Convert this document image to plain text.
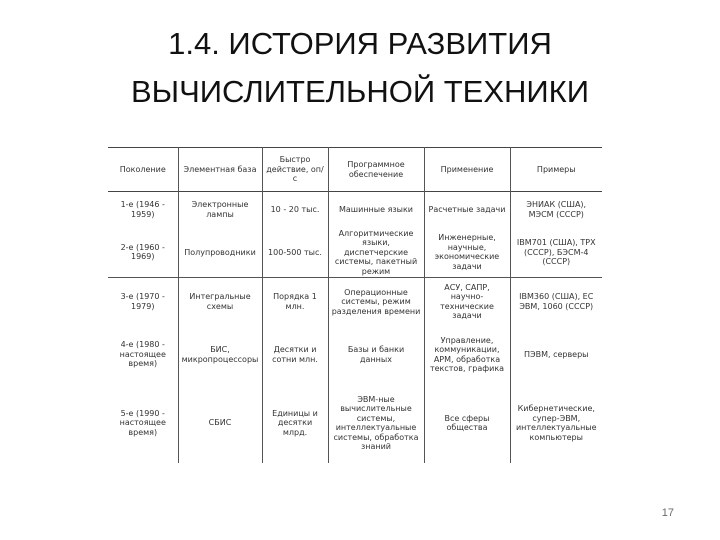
1.4. ИСТОРИЯ РАЗВИТИЯ
ВЫЧИСЛИТЕЛЬНОЙ ТЕХНИКИ
Поколение	Элементная база	Быстро действие, оп/с	Программное обеспечение	Применение	Примеры
1-е (1946 - 1959)	Электронные лампы	10 - 20 тыс.	Машинные языки	Расчетные задачи	ЭНИАК (США), МЭСМ (СССР)
2-е (1960 - 1969)	Полупроводники	100-500 тыс.	Алгоритмические языки, диспетчерские системы, пакетный режим	Инженерные, научные, экономические задачи	IBM701 (США), TPX (СССР), БЭСМ-4 (СССР)
3-е (1970 - 1979)	Интегральные схемы	Порядка 1 млн.	Операционные системы, режим разделения времени	АСУ, САПР, научно-технические задачи	IBM360 (США), ЕС ЭВМ, 1060 (СССР)
4-е (1980 - настоящее время)	БИС, микропроцессоры	Десятки и сотни млн.	Базы и банки данных	Управление, коммуникации, АРМ, обработка текстов, графика	ПЭВМ, серверы
5-е (1990 - настоящее время)	СБИС	Единицы и десятки млрд.	ЭВМ-ные вычислительные системы, интеллектуальные системы, обработка знаний	Все сферы общества	Кибернетические, супер-ЭВМ, интеллектуальные компьютеры
17
